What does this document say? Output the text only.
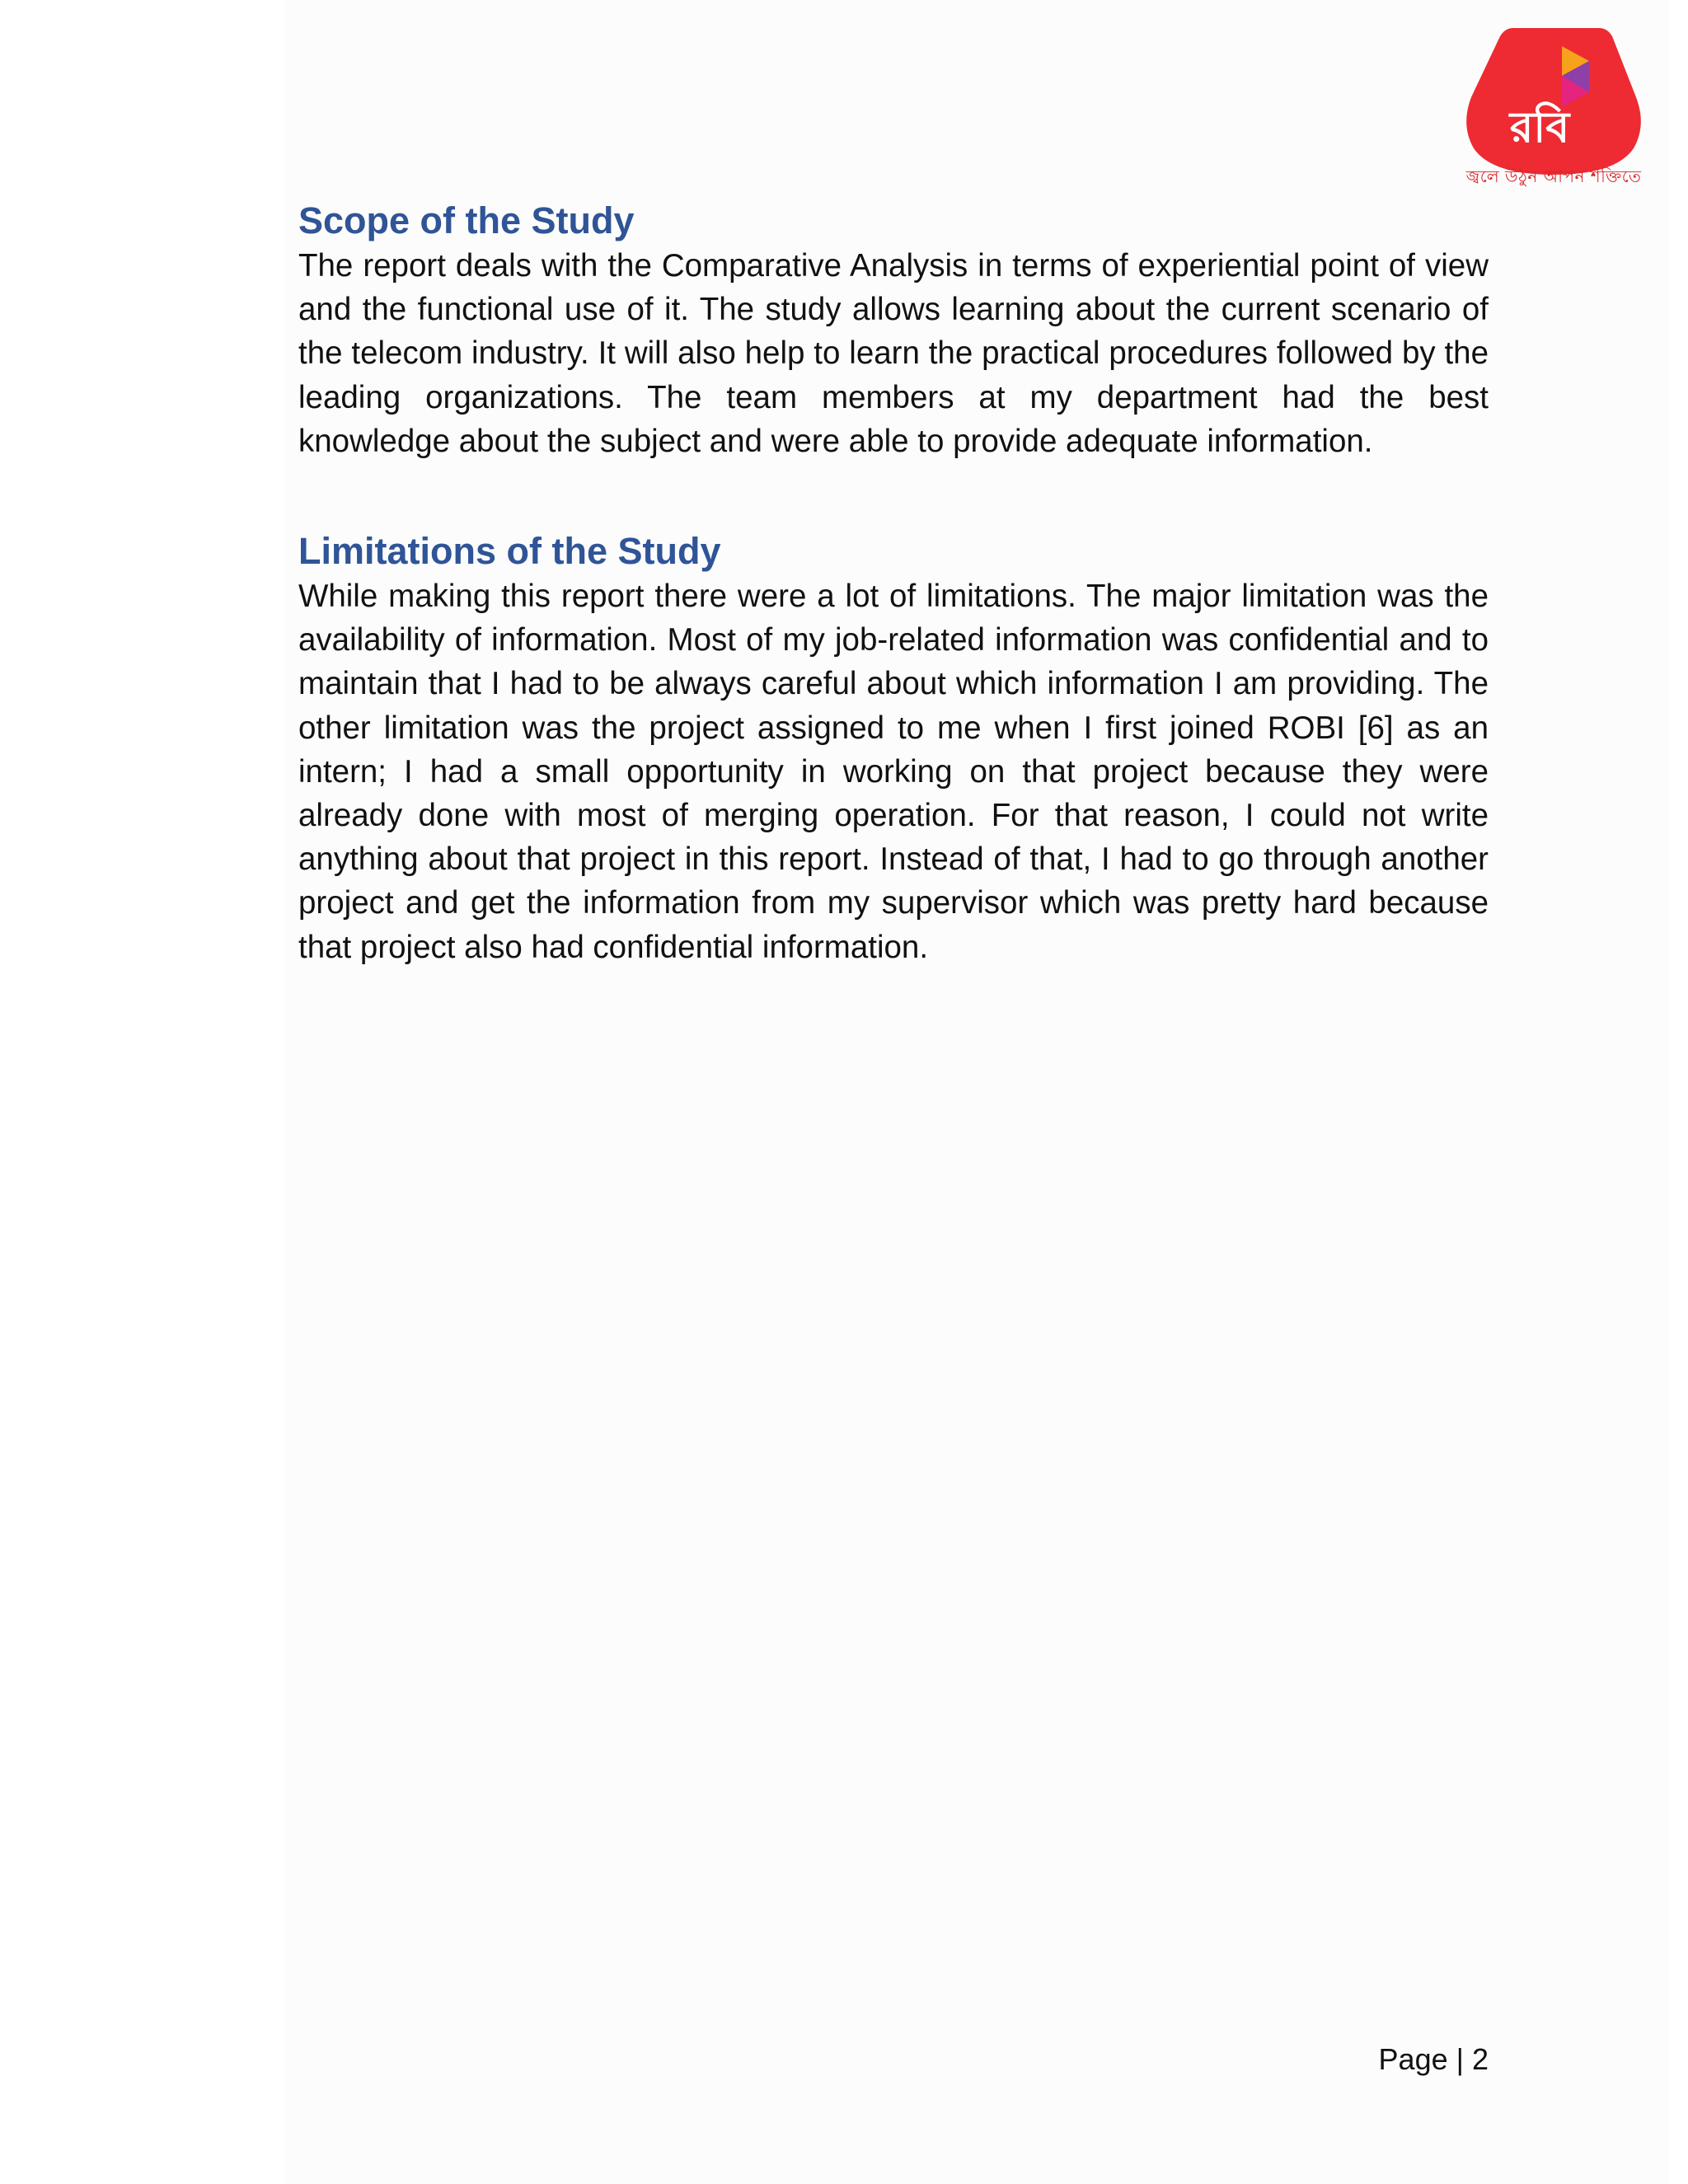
রবি
জ্বলে উঠুন আপন শক্তিতে
Scope of the Study

The report deals with the Comparative Analysis in terms of experiential point of view and the functional use of it. The study allows learning about the current scenario of the telecom industry. It will also help to learn the practical procedures followed by the leading organizations. The team members at my department had the best knowledge about the subject and were able to provide adequate information.

Limitations of the Study

While making this report there were a lot of limitations. The major limitation was the availability of information. Most of my job-related information was confidential and to maintain that I had to be always careful about which information I am providing. The other limitation was the project assigned to me when I first joined ROBI [6] as an intern; I had a small opportunity in working on that project because they were already done with most of merging operation. For that reason, I could not write anything about that project in this report. Instead of that, I had to go through another project and get the information from my supervisor which was pretty hard because that project also had confidential information.

Page | 2
